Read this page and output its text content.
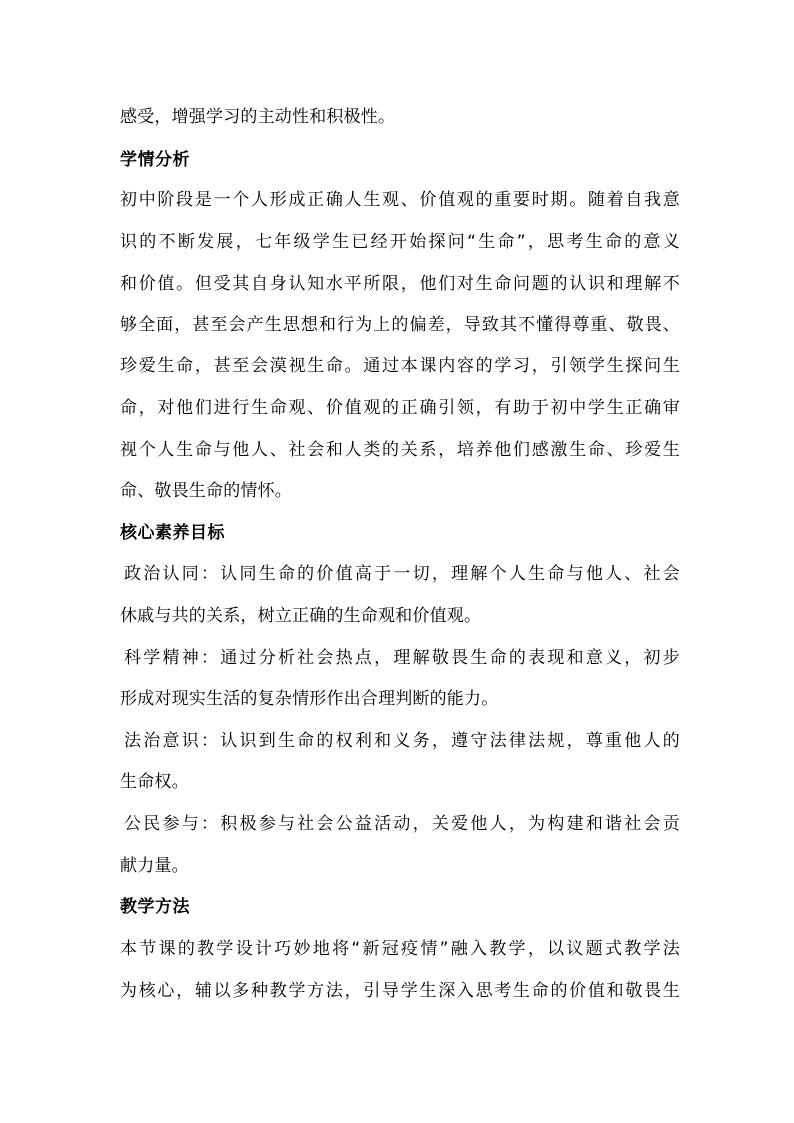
感受，增强学习的主动性和积极性。
学情分析
初中阶段是一个人形成正确人生观、价值观的重要时期。随着自我意
识的不断发展，七年级学生已经开始探问“生命”，思考生命的意义
和价值。但受其自身认知水平所限，他们对生命问题的认识和理解不
够全面，甚至会产生思想和行为上的偏差，导致其不懂得尊重、敬畏、
珍爱生命，甚至会漠视生命。通过本课内容的学习，引领学生探问生
命，对他们进行生命观、价值观的正确引领，有助于初中学生正确审
视个人生命与他人、社会和人类的关系，培养他们感激生命、珍爱生
命、敬畏生命的情怀。
核心素养目标
政治认同：认同生命的价值高于一切，理解个人生命与他人、社会
休戚与共的关系，树立正确的生命观和价值观。
科学精神：通过分析社会热点，理解敬畏生命的表现和意义，初步
形成对现实生活的复杂情形作出合理判断的能力。
法治意识：认识到生命的权利和义务，遵守法律法规，尊重他人的
生命权。
公民参与：积极参与社会公益活动，关爱他人，为构建和谐社会贡
献力量。
教学方法
本节课的教学设计巧妙地将“新冠疫情”融入教学，以议题式教学法
为核心，辅以多种教学方法，引导学生深入思考生命的价值和敬畏生
